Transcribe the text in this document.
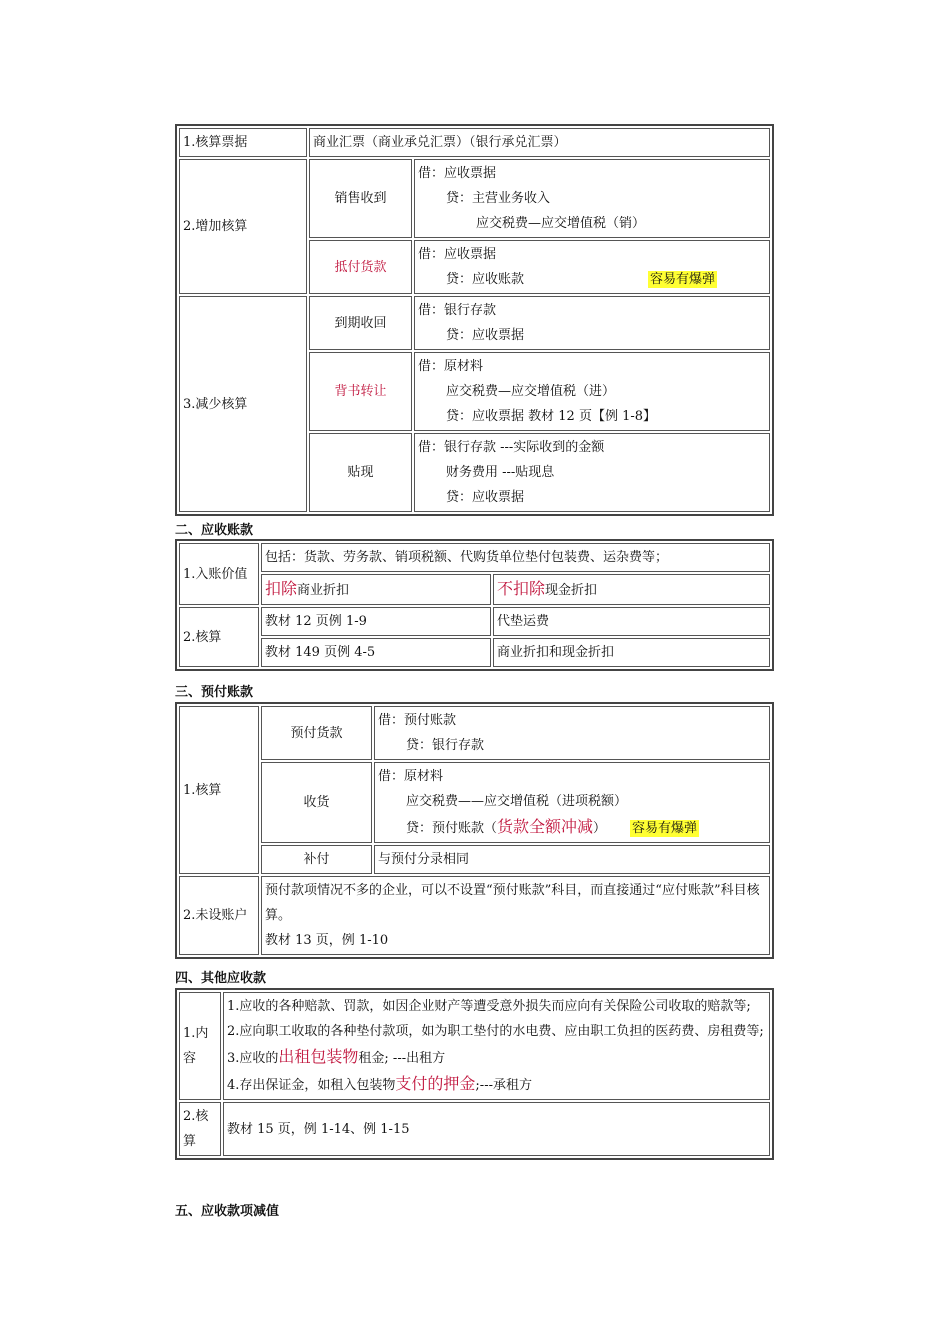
1.核算票据	商业汇票（商业承兑汇票）（银行承兑汇票）	
2.增加核算	销售收到	借：应收票据
贷：主营业务收入
应交税费—应交增值税（销）

	抵付货款	借：应收票据
贷：应收账款 容易有爆弹

3.减少核算	到期收回	借：银行存款
贷：应收票据

	背书转让	借：原材料
应交税费—应交增值税（进）
贷：应收票据 教材 12 页【例 1-8】

	贴现	借：银行存款 ---实际收到的金额
财务费用 ---贴现息
贷：应收票据
二、应收账款
1.入账价值	包括：货款、劳务款、销项税额、代购货单位垫付包装费、运杂费等；	
	扣除商业折扣	不扣除现金折扣
2.核算	教材 12 页例 1-9	代垫运费
	教材 149 页例 4-5	商业折扣和现金折扣
三、预付账款
1.核算	预付货款	借：预付账款
贷：银行存款

	收货	借：原材料
应交税费——应交增值税（进项税额）
贷：预付账款（货款全额冲减） 容易有爆弹

	补付	与预付分录相同
2.未设账户	预付款项情况不多的企业，可以不设置“预付账款”科目，而直接通过“应付账款”科目核算。
教材 13 页，例 1-10	
四、其他应收款
1.内容	1.应收的各种赔款、罚款，如因企业财产等遭受意外损失而应向有关保险公司收取的赔款等;
2.应向职工收取的各种垫付款项，如为职工垫付的水电费、应由职工负担的医药费、房租费等;
3.应收的出租包装物租金; ---出租方
4.存出保证金，如租入包装物支付的押金;---承租方

2.核算	教材 15 页，例 1-14、例 1-15
五、应收款项减值
